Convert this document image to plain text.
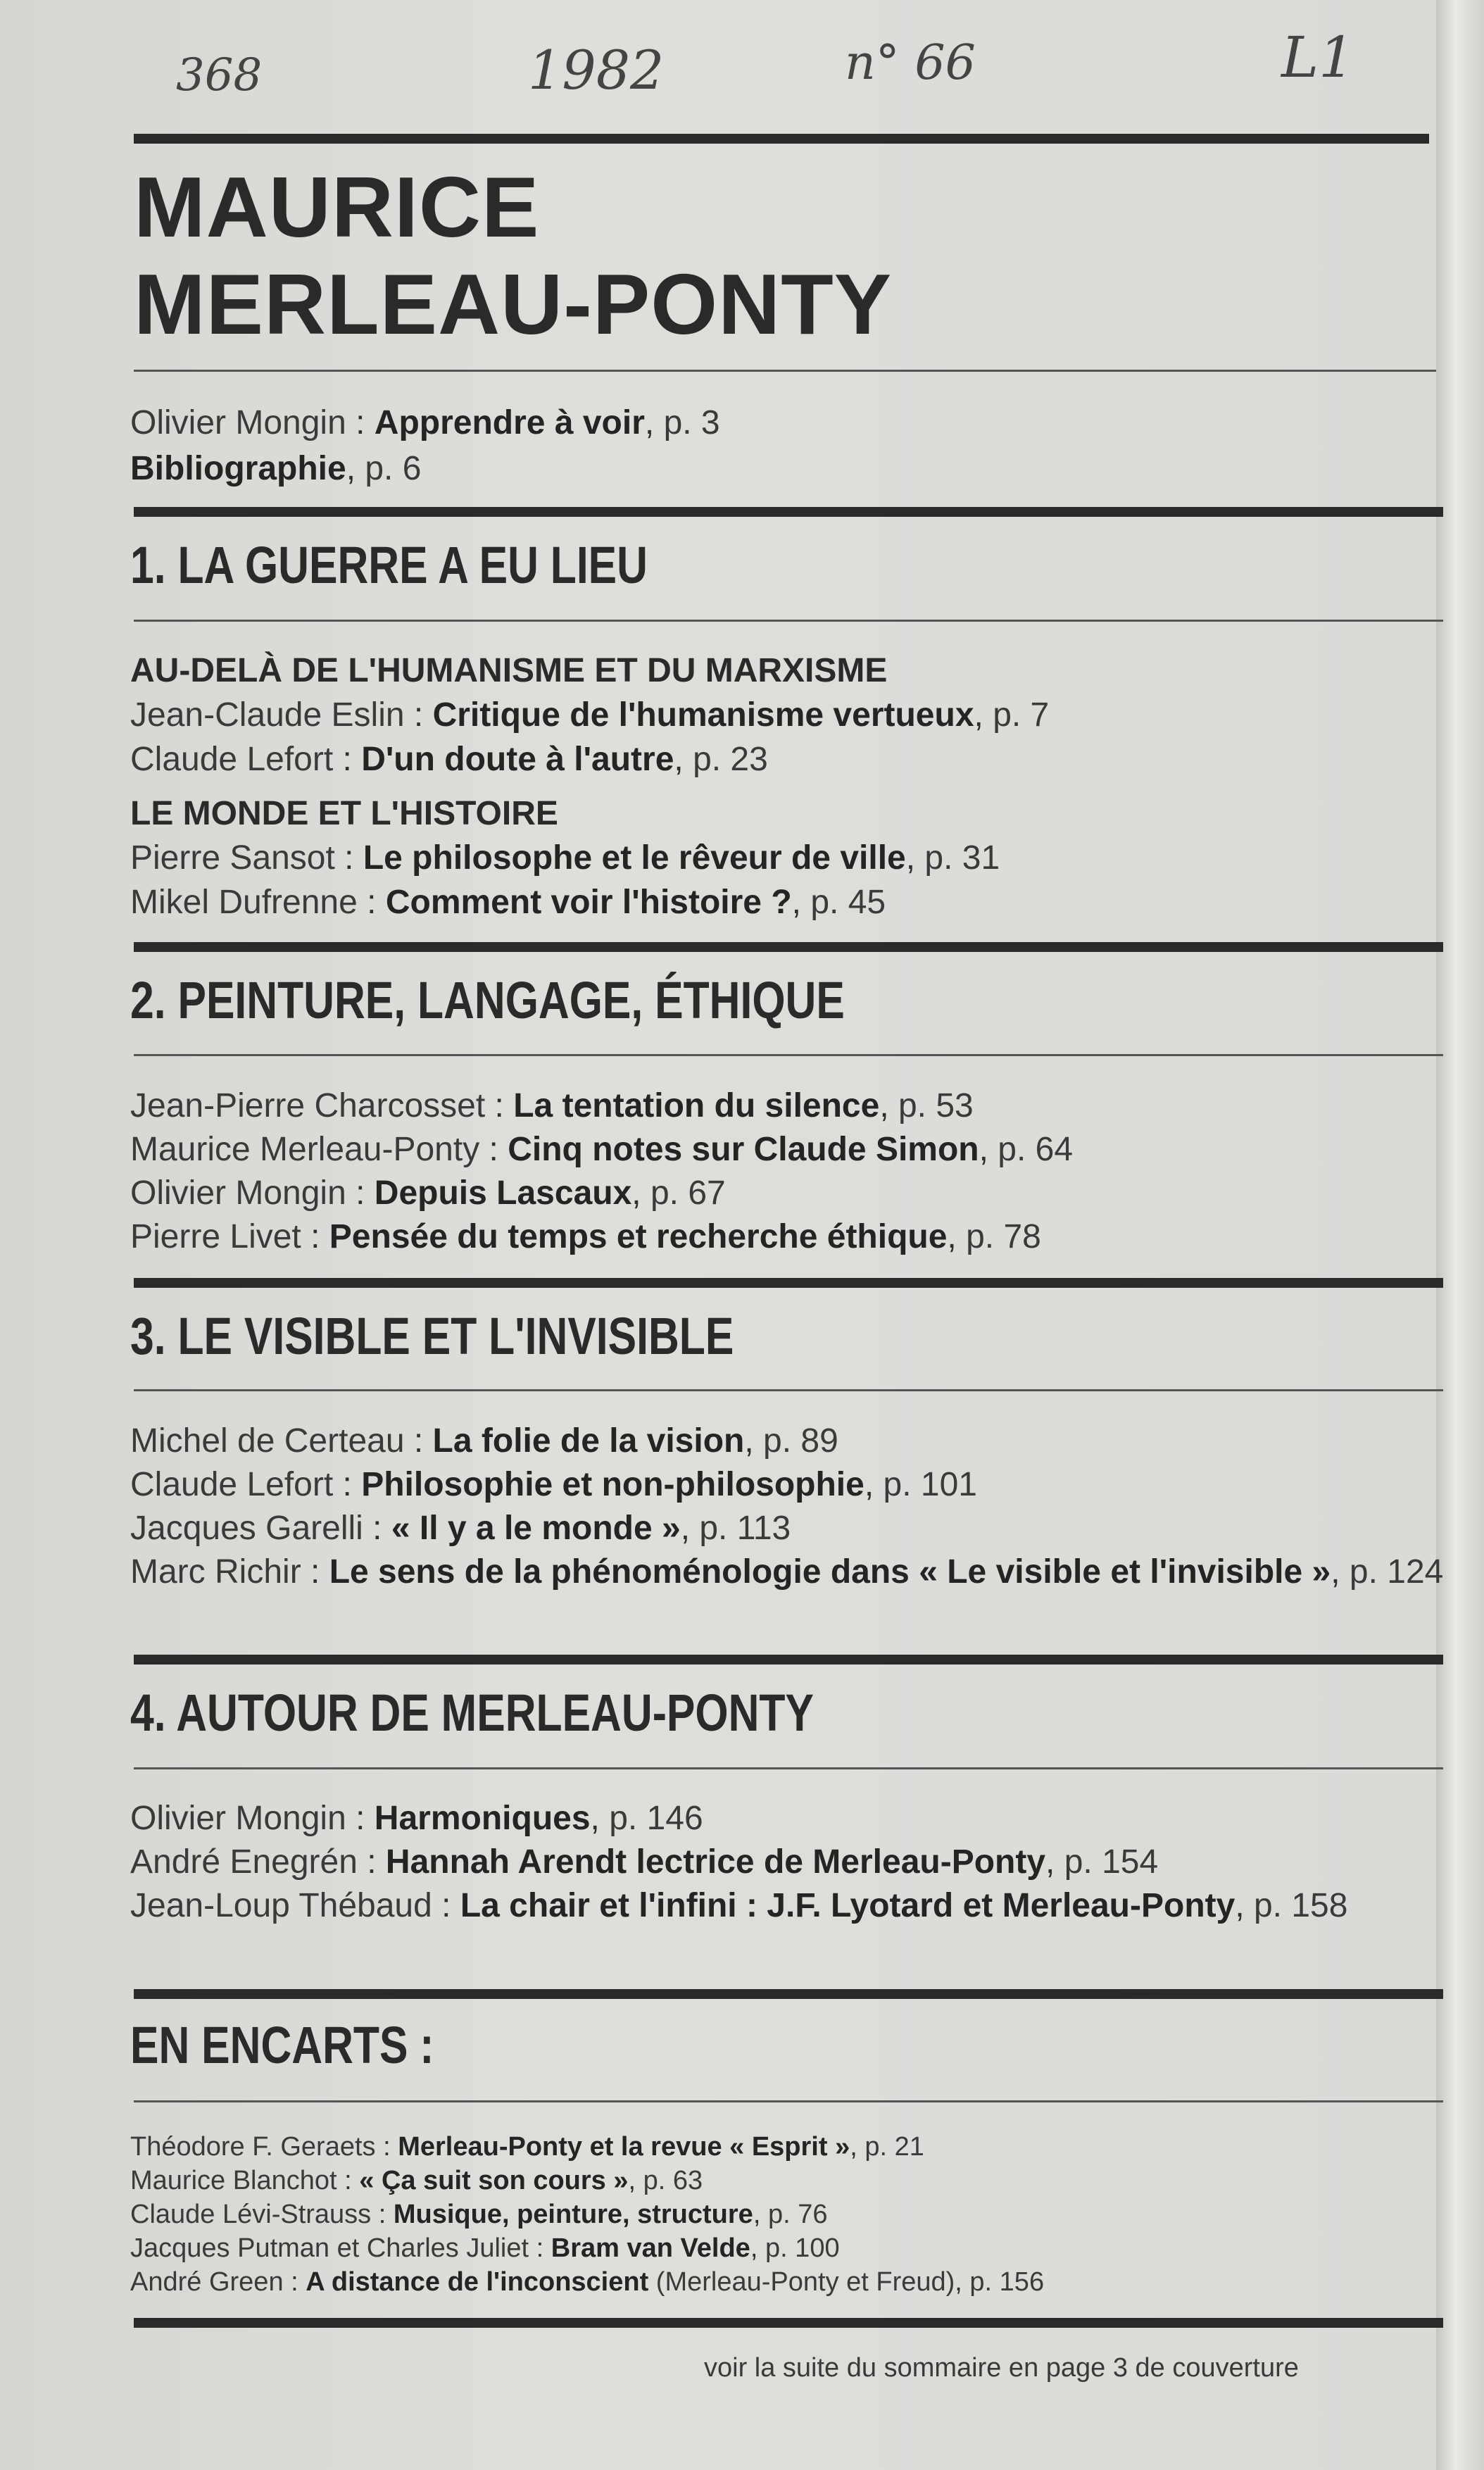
368	1982	n° 66	L1
MAURICE
MERLEAU-PONTY
Olivier Mongin : Apprendre à voir, p. 3
Bibliographie, p. 6
1. LA GUERRE A EU LIEU
AU-DELÀ DE L'HUMANISME ET DU MARXISME
Jean-Claude Eslin : Critique de l'humanisme vertueux, p. 7
Claude Lefort : D'un doute à l'autre, p. 23
LE MONDE ET L'HISTOIRE
Pierre Sansot : Le philosophe et le rêveur de ville, p. 31
Mikel Dufrenne : Comment voir l'histoire ?, p. 45
2. PEINTURE, LANGAGE, ÉTHIQUE
Jean-Pierre Charcosset : La tentation du silence, p. 53
Maurice Merleau-Ponty : Cinq notes sur Claude Simon, p. 64
Olivier Mongin : Depuis Lascaux, p. 67
Pierre Livet : Pensée du temps et recherche éthique, p. 78
3. LE VISIBLE ET L'INVISIBLE
Michel de Certeau : La folie de la vision, p. 89
Claude Lefort : Philosophie et non-philosophie, p. 101
Jacques Garelli : « Il y a le monde », p. 113
Marc Richir : Le sens de la phénoménologie dans « Le visible et l'invisible », p. 124
4. AUTOUR DE MERLEAU-PONTY
Olivier Mongin : Harmoniques, p. 146
André Enegrén : Hannah Arendt lectrice de Merleau-Ponty, p. 154
Jean-Loup Thébaud : La chair et l'infini : J.F. Lyotard et Merleau-Ponty, p. 158
EN ENCARTS :
Théodore F. Geraets : Merleau-Ponty et la revue « Esprit », p. 21
Maurice Blanchot : « Ça suit son cours », p. 63
Claude Lévi-Strauss : Musique, peinture, structure, p. 76
Jacques Putman et Charles Juliet : Bram van Velde, p. 100
André Green : A distance de l'inconscient (Merleau-Ponty et Freud), p. 156
voir la suite du sommaire en page 3 de couverture
